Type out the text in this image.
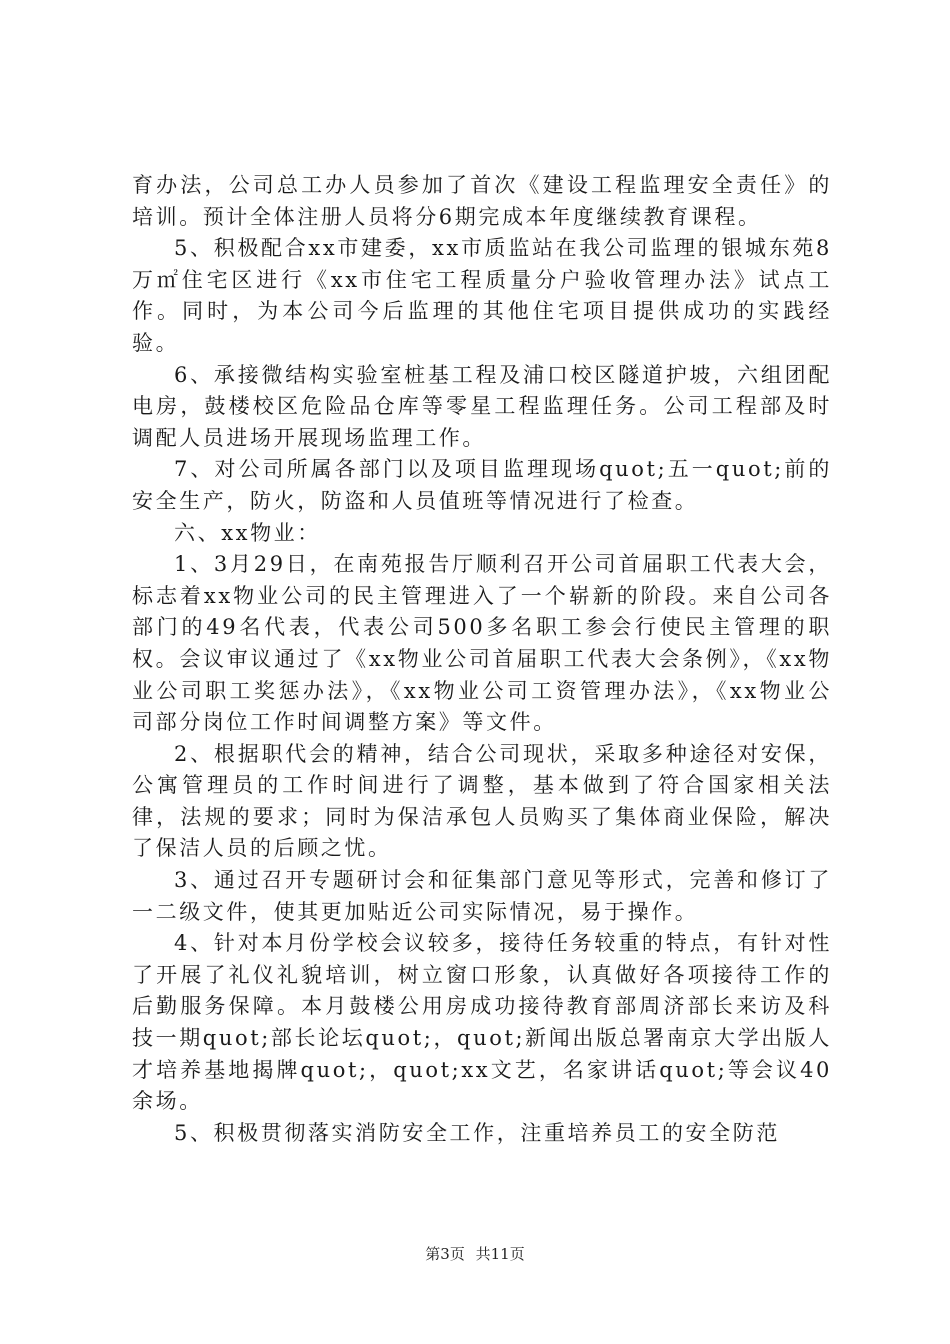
育办法，公司总工办人员参加了首次《建设工程监理安全责任》的培训。预计全体注册人员将分6期完成本年度继续教育课程。

5、积极配合xx市建委，xx市质监站在我公司监理的银城东苑8万㎡住宅区进行《xx市住宅工程质量分户验收管理办法》试点工作。同时，为本公司今后监理的其他住宅项目提供成功的实践经验。

6、承接微结构实验室桩基工程及浦口校区隧道护坡，六组团配电房，鼓楼校区危险品仓库等零星工程监理任务。公司工程部及时调配人员进场开展现场监理工作。

7、对公司所属各部门以及项目监理现场quot;五一quot;前的安全生产，防火，防盗和人员值班等情况进行了检查。

六、xx物业：

1、3月29日，在南苑报告厅顺利召开公司首届职工代表大会，标志着xx物业公司的民主管理进入了一个崭新的阶段。来自公司各部门的49名代表，代表公司500多名职工参会行使民主管理的职权。会议审议通过了《xx物业公司首届职工代表大会条例》，《xx物业公司职工奖惩办法》，《xx物业公司工资管理办法》，《xx物业公司部分岗位工作时间调整方案》等文件。

2、根据职代会的精神，结合公司现状，采取多种途径对安保，公寓管理员的工作时间进行了调整，基本做到了符合国家相关法律，法规的要求；同时为保洁承包人员购买了集体商业保险，解决了保洁人员的后顾之忧。

3、通过召开专题研讨会和征集部门意见等形式，完善和修订了一二级文件，使其更加贴近公司实际情况，易于操作。

4、针对本月份学校会议较多，接待任务较重的特点，有针对性了开展了礼仪礼貌培训，树立窗口形象，认真做好各项接待工作的后勤服务保障。本月鼓楼公用房成功接待教育部周济部长来访及科技一期quot;部长论坛quot;，quot;新闻出版总署南京大学出版人才培养基地揭牌quot;，quot;xx文艺，名家讲话quot;等会议40余场。

5、积极贯彻落实消防安全工作，注重培养员工的安全防范

第3页 共11页
